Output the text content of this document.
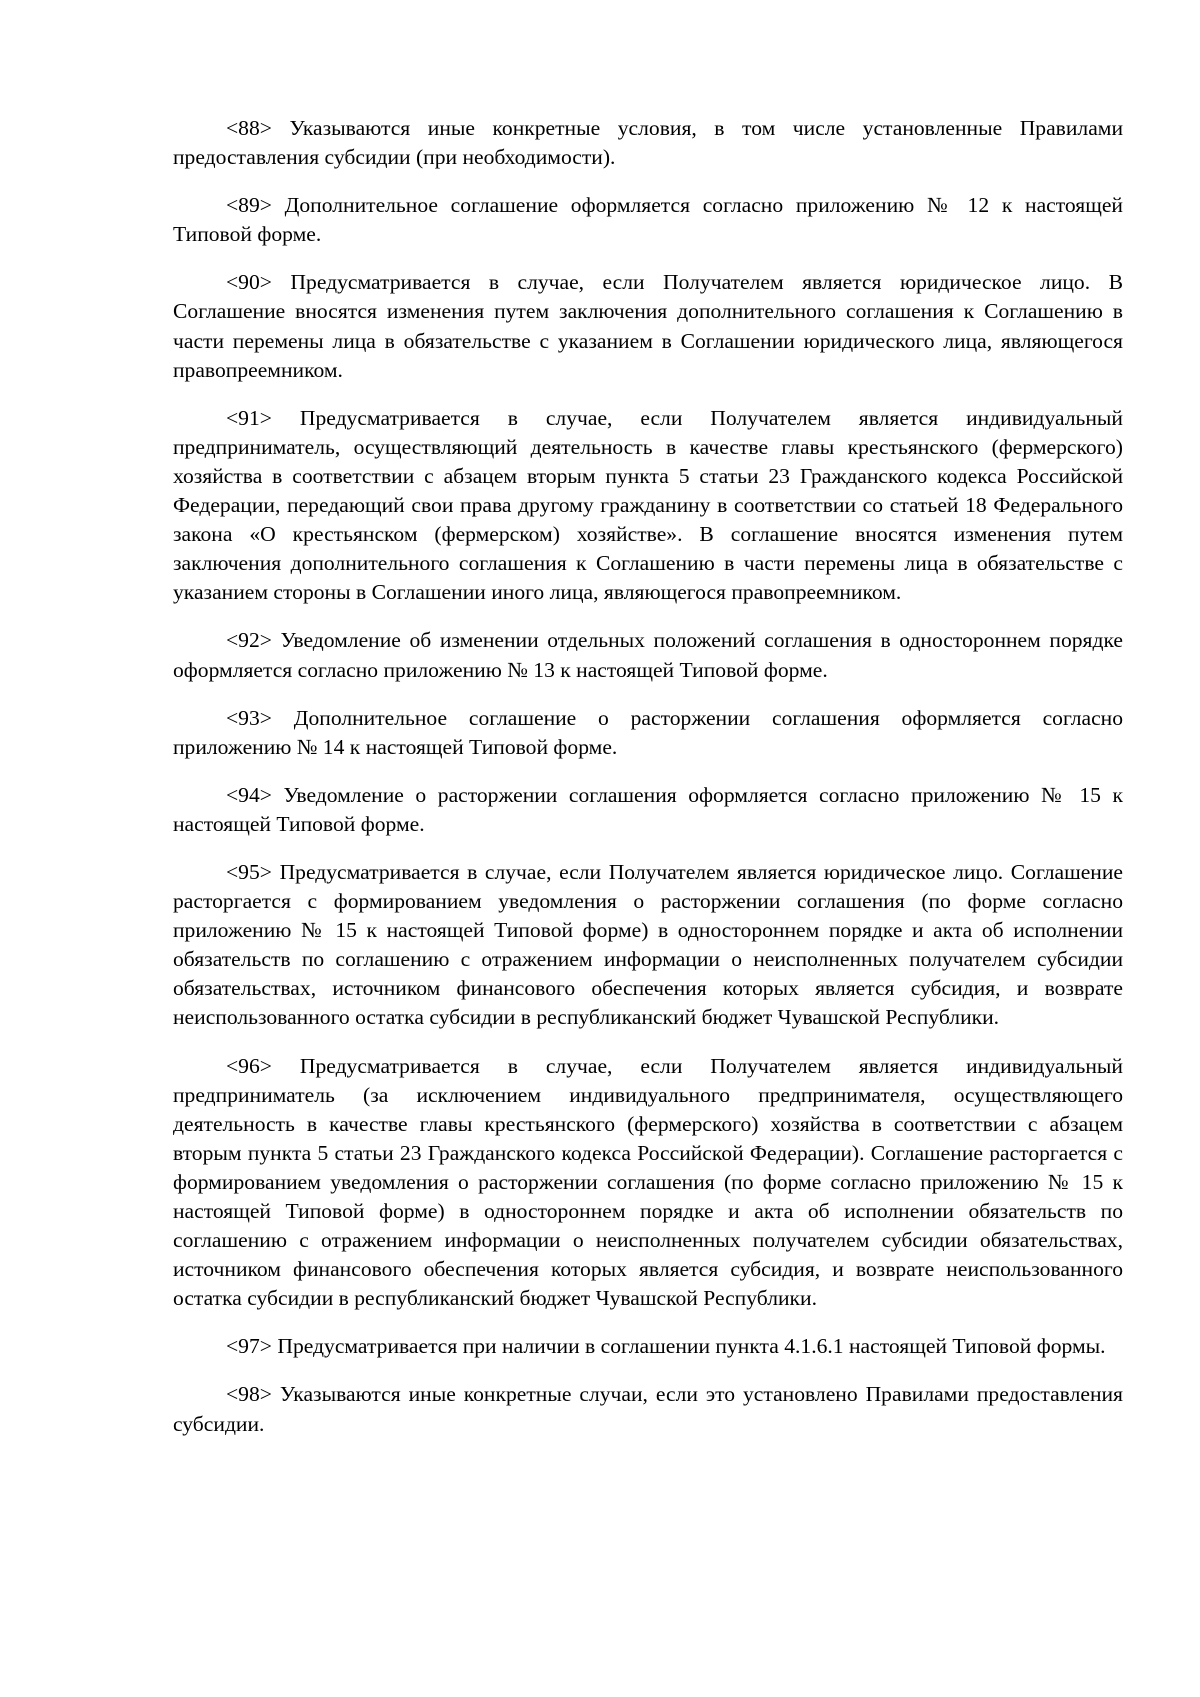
<88> Указываются иные конкретные условия, в том числе установленные Правилами предоставления субсидии (при необходимости).

<89> Дополнительное соглашение оформляется согласно приложению № 12 к настоящей Типовой форме.

<90> Предусматривается в случае, если Получателем является юридическое лицо. В Соглашение вносятся изменения путем заключения дополнительного соглашения к Соглашению в части перемены лица в обязательстве с указанием в Соглашении юридического лица, являющегося правопреемником.

<91> Предусматривается в случае, если Получателем является индивидуальный предприниматель, осуществляющий деятельность в качестве главы крестьянского (фермерского) хозяйства в соответствии с абзацем вторым пункта 5 статьи 23 Гражданского кодекса Российской Федерации, передающий свои права другому гражданину в соответствии со статьей 18 Федерального закона «О крестьянском (фермерском) хозяйстве». В соглашение вносятся изменения путем заключения дополнительного соглашения к Соглашению в части перемены лица в обязательстве с указанием стороны в Соглашении иного лица, являющегося правопреемником.

<92> Уведомление об изменении отдельных положений соглашения в одностороннем порядке оформляется согласно приложению № 13 к настоящей Типовой форме.

<93> Дополнительное соглашение о расторжении соглашения оформляется согласно приложению № 14 к настоящей Типовой форме.

<94> Уведомление о расторжении соглашения оформляется согласно приложению № 15 к настоящей Типовой форме.

<95> Предусматривается в случае, если Получателем является юридическое лицо. Соглашение расторгается с формированием уведомления о расторжении соглашения (по форме согласно приложению № 15 к настоящей Типовой форме) в одностороннем порядке и акта об исполнении обязательств по соглашению с отражением информации о неисполненных получателем субсидии обязательствах, источником финансового обеспечения которых является субсидия, и возврате неиспользованного остатка субсидии в республиканский бюджет Чувашской Республики.

<96> Предусматривается в случае, если Получателем является индивидуальный предприниматель (за исключением индивидуального предпринимателя, осуществляющего деятельность в качестве главы крестьянского (фермерского) хозяйства в соответствии с абзацем вторым пункта 5 статьи 23 Гражданского кодекса Российской Федерации). Соглашение расторгается с формированием уведомления о расторжении соглашения (по форме согласно приложению № 15 к настоящей Типовой форме) в одностороннем порядке и акта об исполнении обязательств по соглашению с отражением информации о неисполненных получателем субсидии обязательствах, источником финансового обеспечения которых является субсидия, и возврате неиспользованного остатка субсидии в республиканский бюджет Чувашской Республики.

<97> Предусматривается при наличии в соглашении пункта 4.1.6.1 настоящей Типовой формы.

<98> Указываются иные конкретные случаи, если это установлено Правилами предоставления субсидии.
